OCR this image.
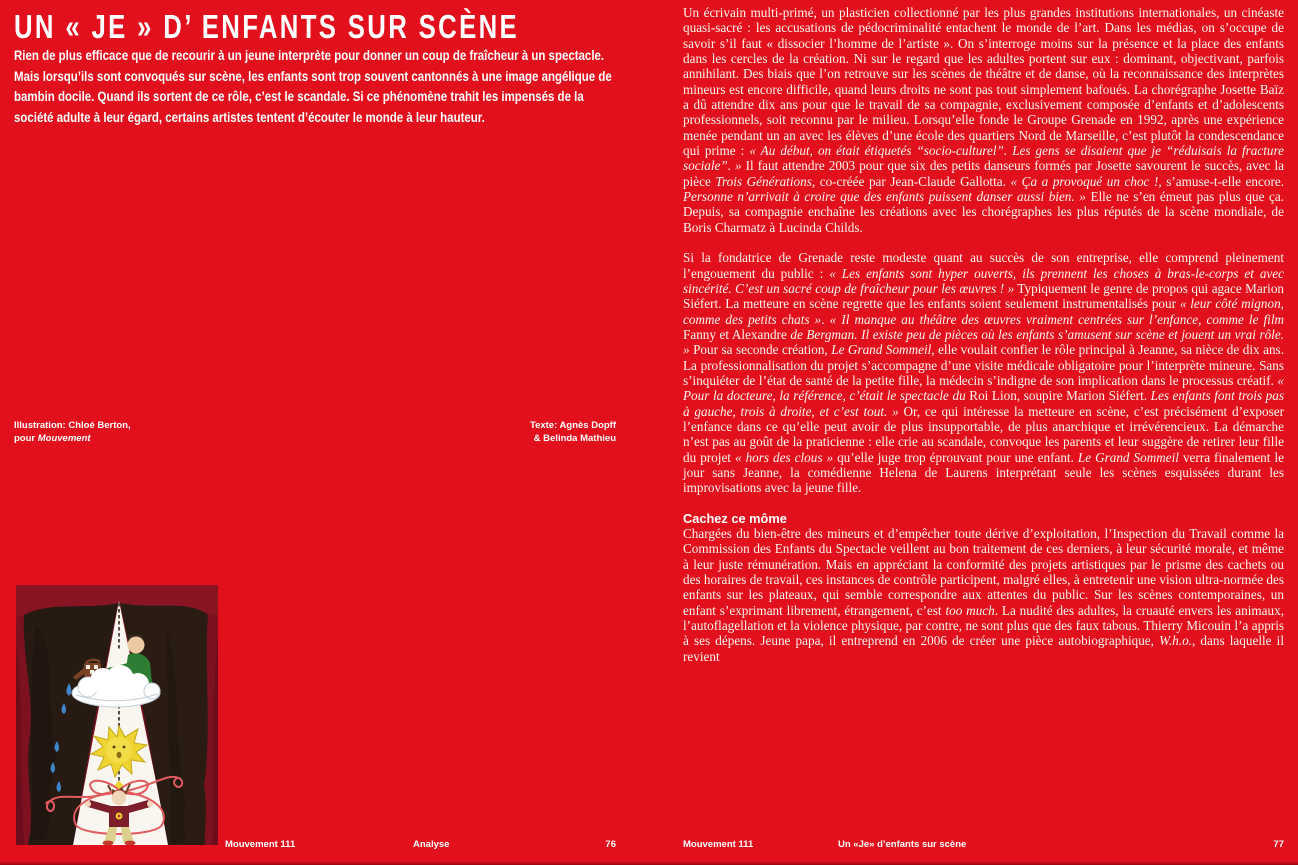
UN « JE » D’ ENFANTS SUR SCÈNE

Rien de plus efficace que de recourir à un jeune interprète pour donner un coup de fraîcheur à un spectacle. Mais lorsqu’ils sont convoqués sur scène, les enfants sont trop souvent cantonnés à une image angélique de bambin docile. Quand ils sortent de ce rôle, c’est le scandale. Si ce phénomène trahit les impensés de la société adulte à leur égard, certains artistes tentent d’écouter le monde à leur hauteur.

Illustration: Chloé Berton,
pour Mouvement
Texte: Agnès Dopff
& Belinda Mathieu

Un écrivain multi-primé, un plasticien collectionné par les plus grandes institutions internationales, un cinéaste quasi-sacré : les accusations de pédocriminalité entachent le monde de l’art. Dans les médias, on s’occupe de savoir s’il faut « dissocier l’homme de l’artiste ». On s’interroge moins sur la présence et la place des enfants dans les cercles de la création. Ni sur le regard que les adultes portent sur eux : dominant, objectivant, parfois annihilant. Des biais que l’on retrouve sur les scènes de théâtre et de danse, où la reconnaissance des interprètes mineurs est encore difficile, quand leurs droits ne sont pas tout simplement bafoués. La chorégraphe Josette Baïz a dû attendre dix ans pour que le travail de sa compagnie, exclusivement composée d’enfants et d’adolescents professionnels, soit reconnu par le milieu. Lorsqu’elle fonde le Groupe Grenade en 1992, après une expérience menée pendant un an avec les élèves d’une école des quartiers Nord de Marseille, c’est plutôt la condescendance qui prime : « Au début, on était étiquetés “socio-culturel”. Les gens se disaient que je “réduisais la fracture sociale”. » Il faut attendre 2003 pour que six des petits danseurs formés par Josette savourent le succès, avec la pièce Trois Générations, co-créée par Jean-Claude Gallotta. « Ça a provoqué un choc !, s’amuse-t-elle encore. Personne n’arrivait à croire que des enfants puissent danser aussi bien. » Elle ne s’en émeut pas plus que ça. Depuis, sa compagnie enchaîne les créations avec les chorégraphes les plus réputés de la scène mondiale, de Boris Charmatz à Lucinda Childs.

Si la fondatrice de Grenade reste modeste quant au succès de son entreprise, elle comprend pleinement l’engouement du public : « Les enfants sont hyper ouverts, ils prennent les choses à bras-le-corps et avec sincérité. C’est un sacré coup de fraîcheur pour les œuvres ! » Typiquement le genre de propos qui agace Marion Siéfert. La metteure en scène regrette que les enfants soient seulement instrumentalisés pour « leur côté mignon, comme des petits chats ». « Il manque au théâtre des œuvres vraiment centrées sur l’enfance, comme le film Fanny et Alexandre de Bergman. Il existe peu de pièces où les enfants s’amusent sur scène et jouent un vrai rôle. » Pour sa seconde création, Le Grand Sommeil, elle voulait confier le rôle principal à Jeanne, sa nièce de dix ans. La professionnalisation du projet s’accompagne d’une visite médicale obligatoire pour l’interprète mineure. Sans s’inquiéter de l’état de santé de la petite fille, la médecin s’indigne de son implication dans le processus créatif. « Pour la docteure, la référence, c’était le spectacle du Roi Lion, soupire Marion Siéfert. Les enfants font trois pas à gauche, trois à droite, et c’est tout. » Or, ce qui intéresse la metteure en scène, c’est précisément d’exposer l’enfance dans ce qu’elle peut avoir de plus insupportable, de plus anarchique et irrévérencieux. La démarche n’est pas au goût de la praticienne : elle crie au scandale, convoque les parents et leur suggère de retirer leur fille du projet « hors des clous » qu’elle juge trop éprouvant pour une enfant. Le Grand Sommeil verra finalement le jour sans Jeanne, la comédienne Helena de Laurens interprétant seule les scènes esquissées durant les improvisations avec la jeune fille.

Cachez ce môme

Chargées du bien-être des mineurs et d’empêcher toute dérive d’exploitation, l’Inspection du Travail comme la Commission des Enfants du Spectacle veillent au bon traitement de ces derniers, à leur sécurité morale, et même à leur juste rémunération. Mais en appréciant la conformité des projets artistiques par le prisme des cachets ou des horaires de travail, ces instances de contrôle participent, malgré elles, à entretenir une vision ultra-normée des enfants sur les plateaux, qui semble correspondre aux attentes du public. Sur les scènes contemporaines, un enfant s’exprimant librement, étrangement, c’est too much. La nudité des adultes, la cruauté envers les animaux, l’autoflagellation et la violence physique, par contre, ne sont plus que des faux tabous. Thierry Micouin l’a appris à ses dépens. Jeune papa, il entreprend en 2006 de créer une pièce autobiographique, W.h.o., dans laquelle il revient

Mouvement 111	Analyse	76	Mouvement 111	Un «Je» d’enfants sur scène	77
